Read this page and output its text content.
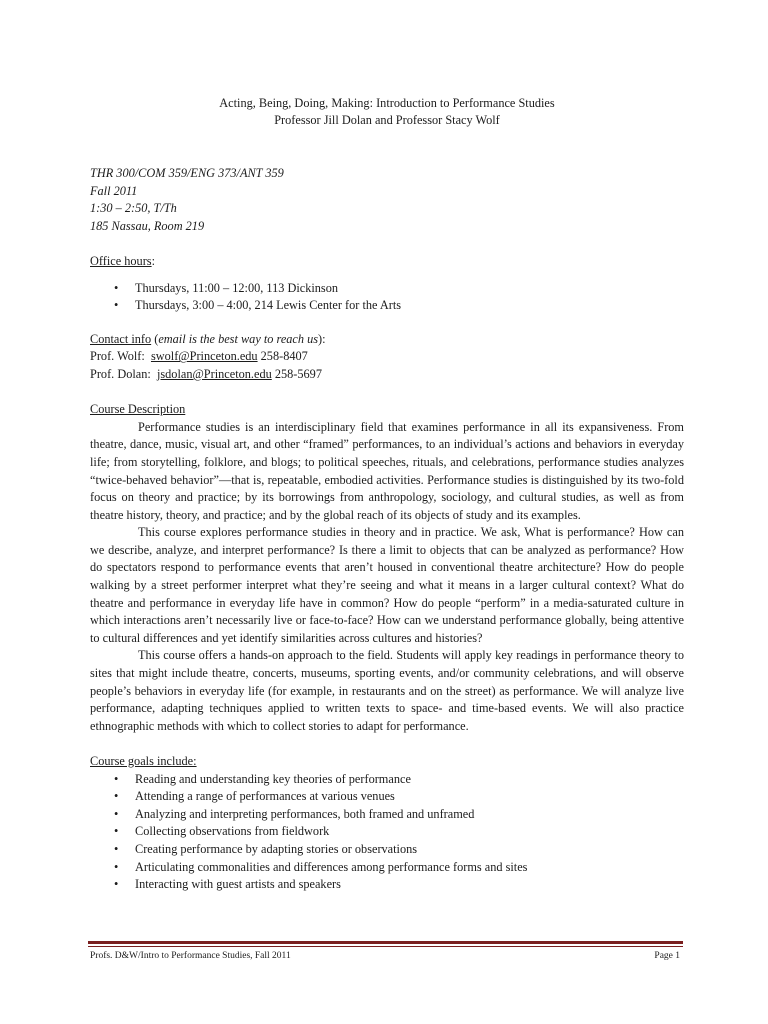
Acting, Being, Doing, Making: Introduction to Performance Studies
Professor Jill Dolan and Professor Stacy Wolf
THR 300/COM 359/ENG 373/ANT 359
Fall 2011
1:30 – 2:50, T/Th
185 Nassau, Room 219
Office hours:
• Thursdays, 11:00 – 12:00, 113 Dickinson
• Thursdays, 3:00 – 4:00, 214 Lewis Center for the Arts
Contact info (email is the best way to reach us):
Prof. Wolf: swolf@Princeton.edu 258-8407
Prof. Dolan: jsdolan@Princeton.edu 258-5697
Course Description

Performance studies is an interdisciplinary field that examines performance in all its expansiveness. From theatre, dance, music, visual art, and other “framed” performances, to an individual’s actions and behaviors in everyday life; from storytelling, folklore, and blogs; to political speeches, rituals, and celebrations, performance studies analyzes “twice-behaved behavior”—that is, repeatable, embodied activities. Performance studies is distinguished by its two-fold focus on theory and practice; by its borrowings from anthropology, sociology, and cultural studies, as well as from theatre history, theory, and practice; and by the global reach of its objects of study and its examples.

This course explores performance studies in theory and in practice. We ask, What is performance? How can we describe, analyze, and interpret performance? Is there a limit to objects that can be analyzed as performance? How do spectators respond to performance events that aren’t housed in conventional theatre architecture? How do people walking by a street performer interpret what they’re seeing and what it means in a larger cultural context? What do theatre and performance in everyday life have in common? How do people “perform” in a media-saturated culture in which interactions aren’t necessarily live or face-to-face? How can we understand performance globally, being attentive to cultural differences and yet identify similarities across cultures and histories?

This course offers a hands-on approach to the field. Students will apply key readings in performance theory to sites that might include theatre, concerts, museums, sporting events, and/or community celebrations, and will observe people’s behaviors in everyday life (for example, in restaurants and on the street) as performance. We will analyze live performance, adapting techniques applied to written texts to space- and time-based events. We will also practice ethnographic methods with which to collect stories to adapt for performance.

Course goals include:
• Reading and understanding key theories of performance
• Attending a range of performances at various venues
• Analyzing and interpreting performances, both framed and unframed
• Collecting observations from fieldwork
• Creating performance by adapting stories or observations
• Articulating commonalities and differences among performance forms and sites
• Interacting with guest artists and speakers
Profs. D&W/Intro to Performance Studies, Fall 2011	Page 1
